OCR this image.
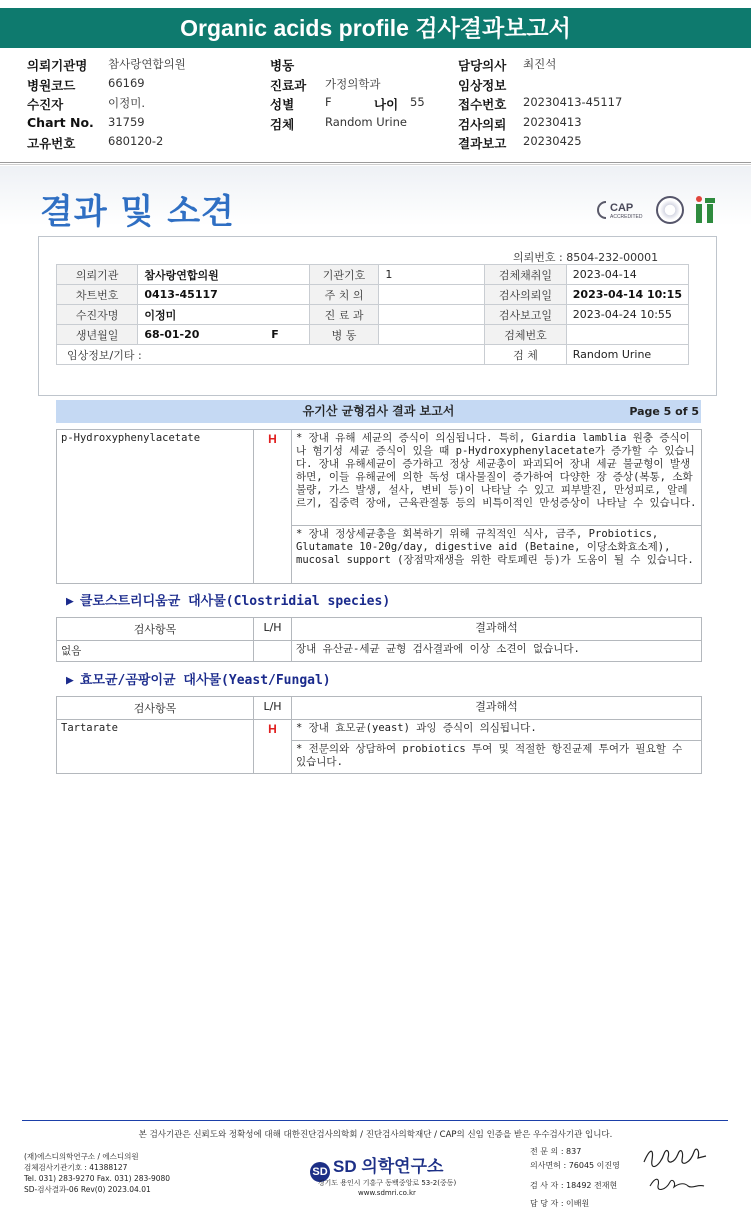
Organic acids profile 검사결과보고서
의뢰기관명 참사랑연합의원	병동	담당의사 최진석
병원코드	66169	진료과 가정의학과	임상정보
수진자	이정미.	성별	F	나이 55	접수번호 20230413-45117
Chart No. 31759	검체	Random Urine	검사의뢰 20230413
고유번호	680120-2	결과보고 20230425
결과 및 소견	CAP
ACCREDITED
의뢰번호 : 8504-232-00001
의뢰기관	참사랑연합의원	기관기호	1	검체채취일	2023-04-14
차트번호	0413-45117	주 치 의		검사의뢰일	2023-04-14 10:15
수진자명	이정미	진 료 과		검사보고일	2023-04-24 10:55
생년월일	68-01-20 F	병 동		검체번호	
임상정보/기타 :				검 체	Random Urine
유기산 균형검사 결과 보고서	Page 5 of 5
p-Hydroxyphenylacetate	H	* 장내 유해 세균의 증식이 의심됩니다. 특히, Giardia lamblia 원충 증식이나 혐기성 세균 증식이 있을 때 p-Hydroxyphenylacetate가 증가할 수 있습니다. 장내 유해세균이 증가하고 정상 세균총이 파괴되어 장내 세균 불균형이 발생하면, 이들 유해균에 의한 독성 대사물질이 증가하여 다양한 장 증상(복통, 소화불량, 가스 발생, 설사, 변비 등)이 나타날 수 있고 피부발진, 만성피로, 알레르기, 집중력 장애, 근육관절통 등의 비특이적인 만성증상이 나타날 수 있습니다.
* 장내 정상세균총을 회복하기 위해 규칙적인 식사, 금주, Probiotics, Glutamate 10-20g/day, digestive aid (Betaine, 이당소화효소제), mucosal support (장점막재생을 위한 락토페린 등)가 도움이 될 수 있습니다.
▶ 클로스트리디움균 대사물(Clostridial species)
검사항목	L/H	결과해석
없음		장내 유산균-세균 균형 검사결과에 이상 소견이 없습니다.
▶ 효모균/곰팡이균 대사물(Yeast/Fungal)
검사항목	L/H	결과해석
Tartarate	H	* 장내 효모균(yeast) 과잉 증식이 의심됩니다.
		* 전문의와 상담하여 probiotics 투여 및 적절한 항진균제 투여가 필요할 수 있습니다.
본 검사기관은 신뢰도와 정확성에 대해 대한진단검사의학회 / 진단검사의학재단 / CAP의 신임 인증을 받은 우수검사기관 입니다.
(재)에스디의학연구소 / 에스디의원
검체검사기관기호 : 41388127
Tel. 031) 283-9270 Fax. 031) 283-9080
SD-검사결과-06 Rev(0) 2023.04.01
SD SD 의학연구소
경기도 용인시 기흥구 동백중앙로 53-2(중동)
www.sdmri.co.kr
전 문 의 : 837
의사면허 : 76045 이진영
검 사 자 : 18492 전재현
담 당 자 : 이배원
